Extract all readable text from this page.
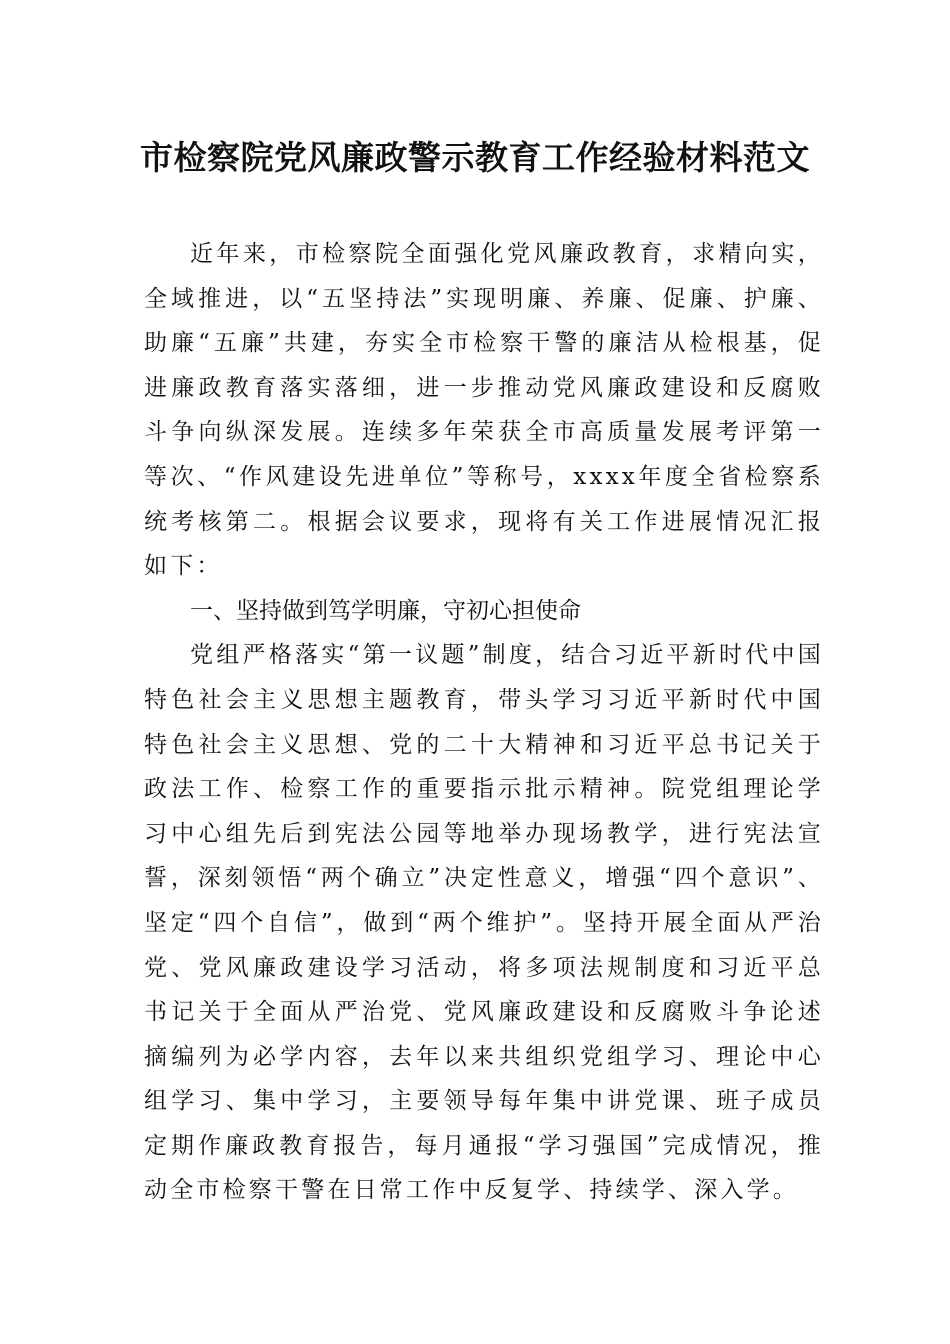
市检察院党风廉政警示教育工作经验材料范文

近年来，市检察院全面强化党风廉政教育，求精向实，全域推进，以“五坚持法”实现明廉、养廉、促廉、护廉、助廉“五廉”共建，夯实全市检察干警的廉洁从检根基，促进廉政教育落实落细，进一步推动党风廉政建设和反腐败斗争向纵深发展。连续多年荣获全市高质量发展考评第一等次、“作风建设先进单位”等称号，xxxx年度全省检察系统考核第二。根据会议要求，现将有关工作进展情况汇报如下：

一、坚持做到笃学明廉，守初心担使命

党组严格落实“第一议题”制度，结合习近平新时代中国特色社会主义思想主题教育，带头学习习近平新时代中国特色社会主义思想、党的二十大精神和习近平总书记关于政法工作、检察工作的重要指示批示精神。院党组理论学习中心组先后到宪法公园等地举办现场教学，进行宪法宣誓，深刻领悟“两个确立”决定性意义，增强“四个意识”、坚定“四个自信”，做到“两个维护”。坚持开展全面从严治党、党风廉政建设学习活动，将多项法规制度和习近平总书记关于全面从严治党、党风廉政建设和反腐败斗争论述摘编列为必学内容，去年以来共组织党组学习、理论中心组学习、集中学习，主要领导每年集中讲党课、班子成员定期作廉政教育报告，每月通报“学习强国”完成情况，推动全市检察干警在日常工作中反复学、持续学、深入学。
